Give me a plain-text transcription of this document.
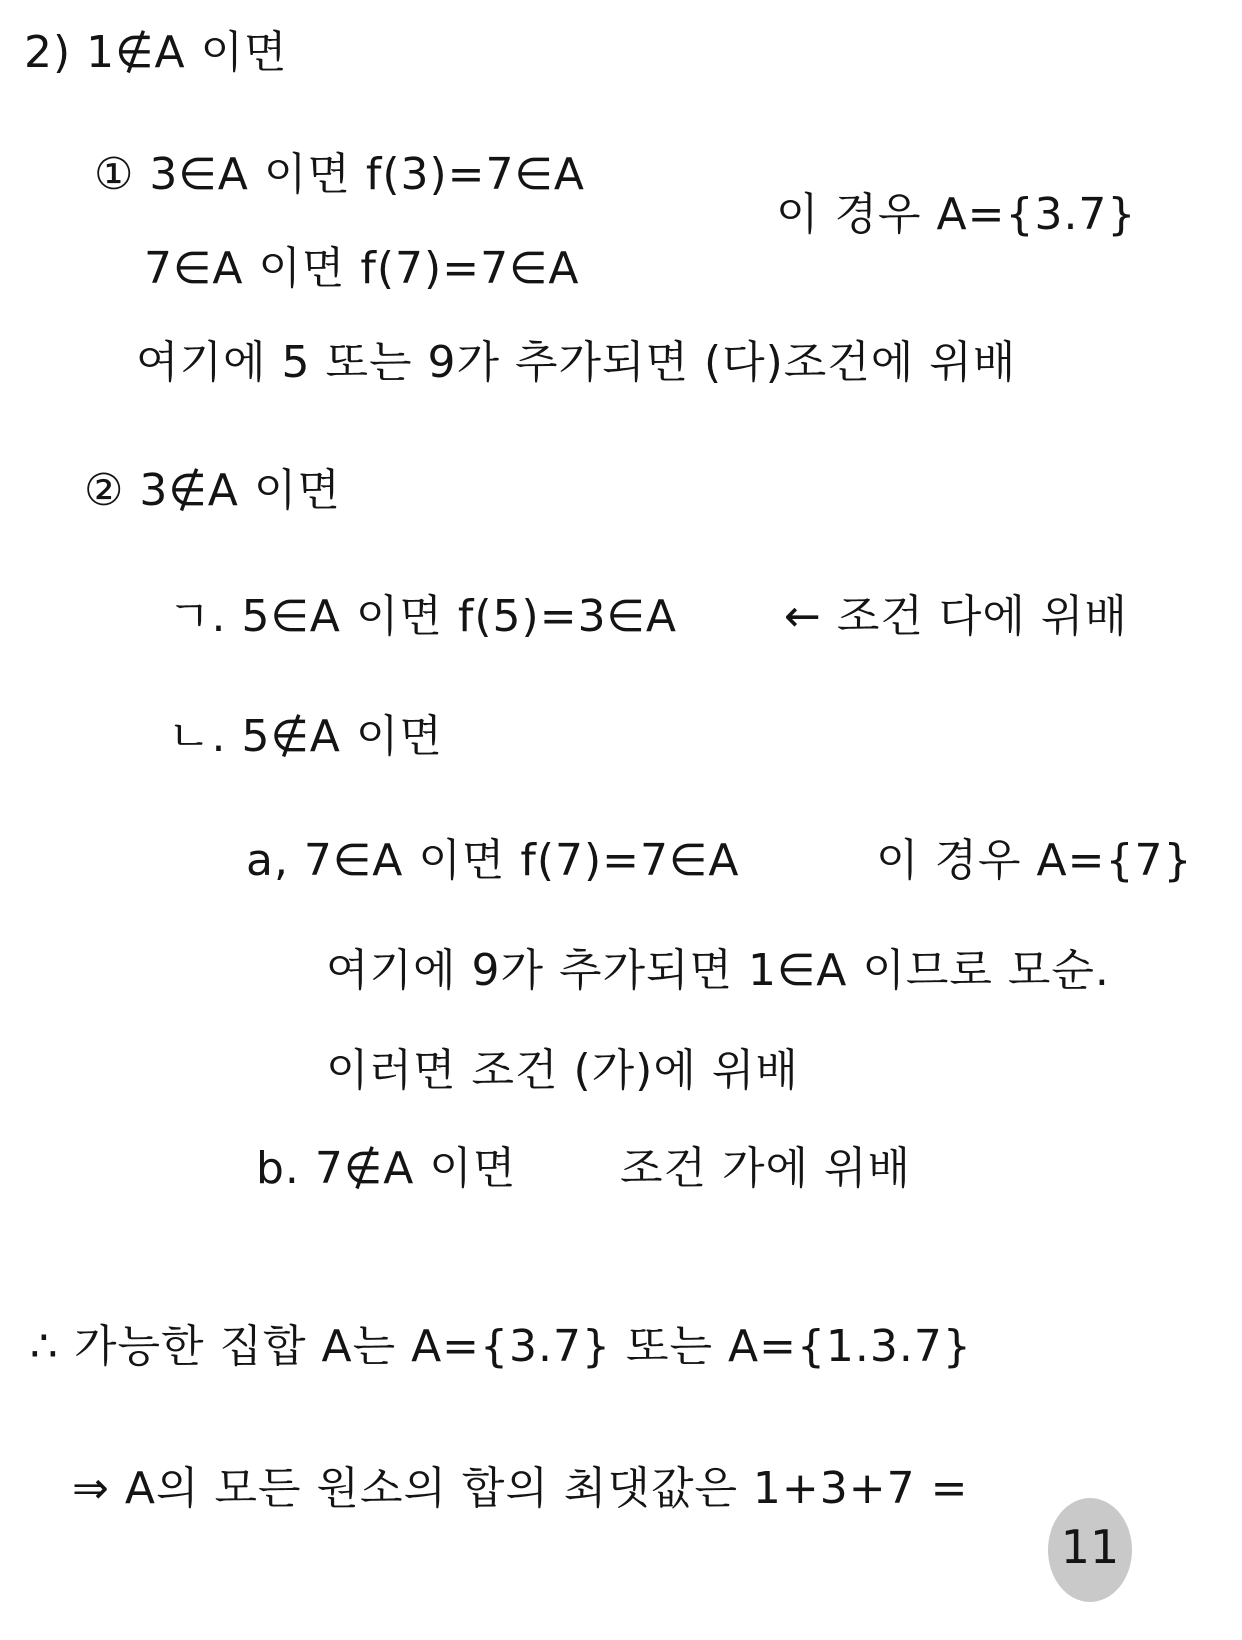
2) 1∉A 이면
① 3∈A 이면 f(3)=7∈A
이 경우 A={3.7}
7∈A 이면 f(7)=7∈A
여기에 5 또는 9가 추가되면 (다)조건에 위배
② 3∉A 이면
ㄱ. 5∈A 이면 f(5)=3∈A ← 조건 다에 위배
ㄴ. 5∉A 이면
a, 7∈A 이면 f(7)=7∈A	이 경우 A={7}
여기에 9가 추가되면 1∈A 이므로 모순.
이러면 조건 (가)에 위배
b. 7∉A 이면 조건 가에 위배
∴ 가능한 집합 A는 A={3.7} 또는 A={1.3.7}
⇒ A의 모든 원소의 합의 최댓값은 1+3+7 =
11
